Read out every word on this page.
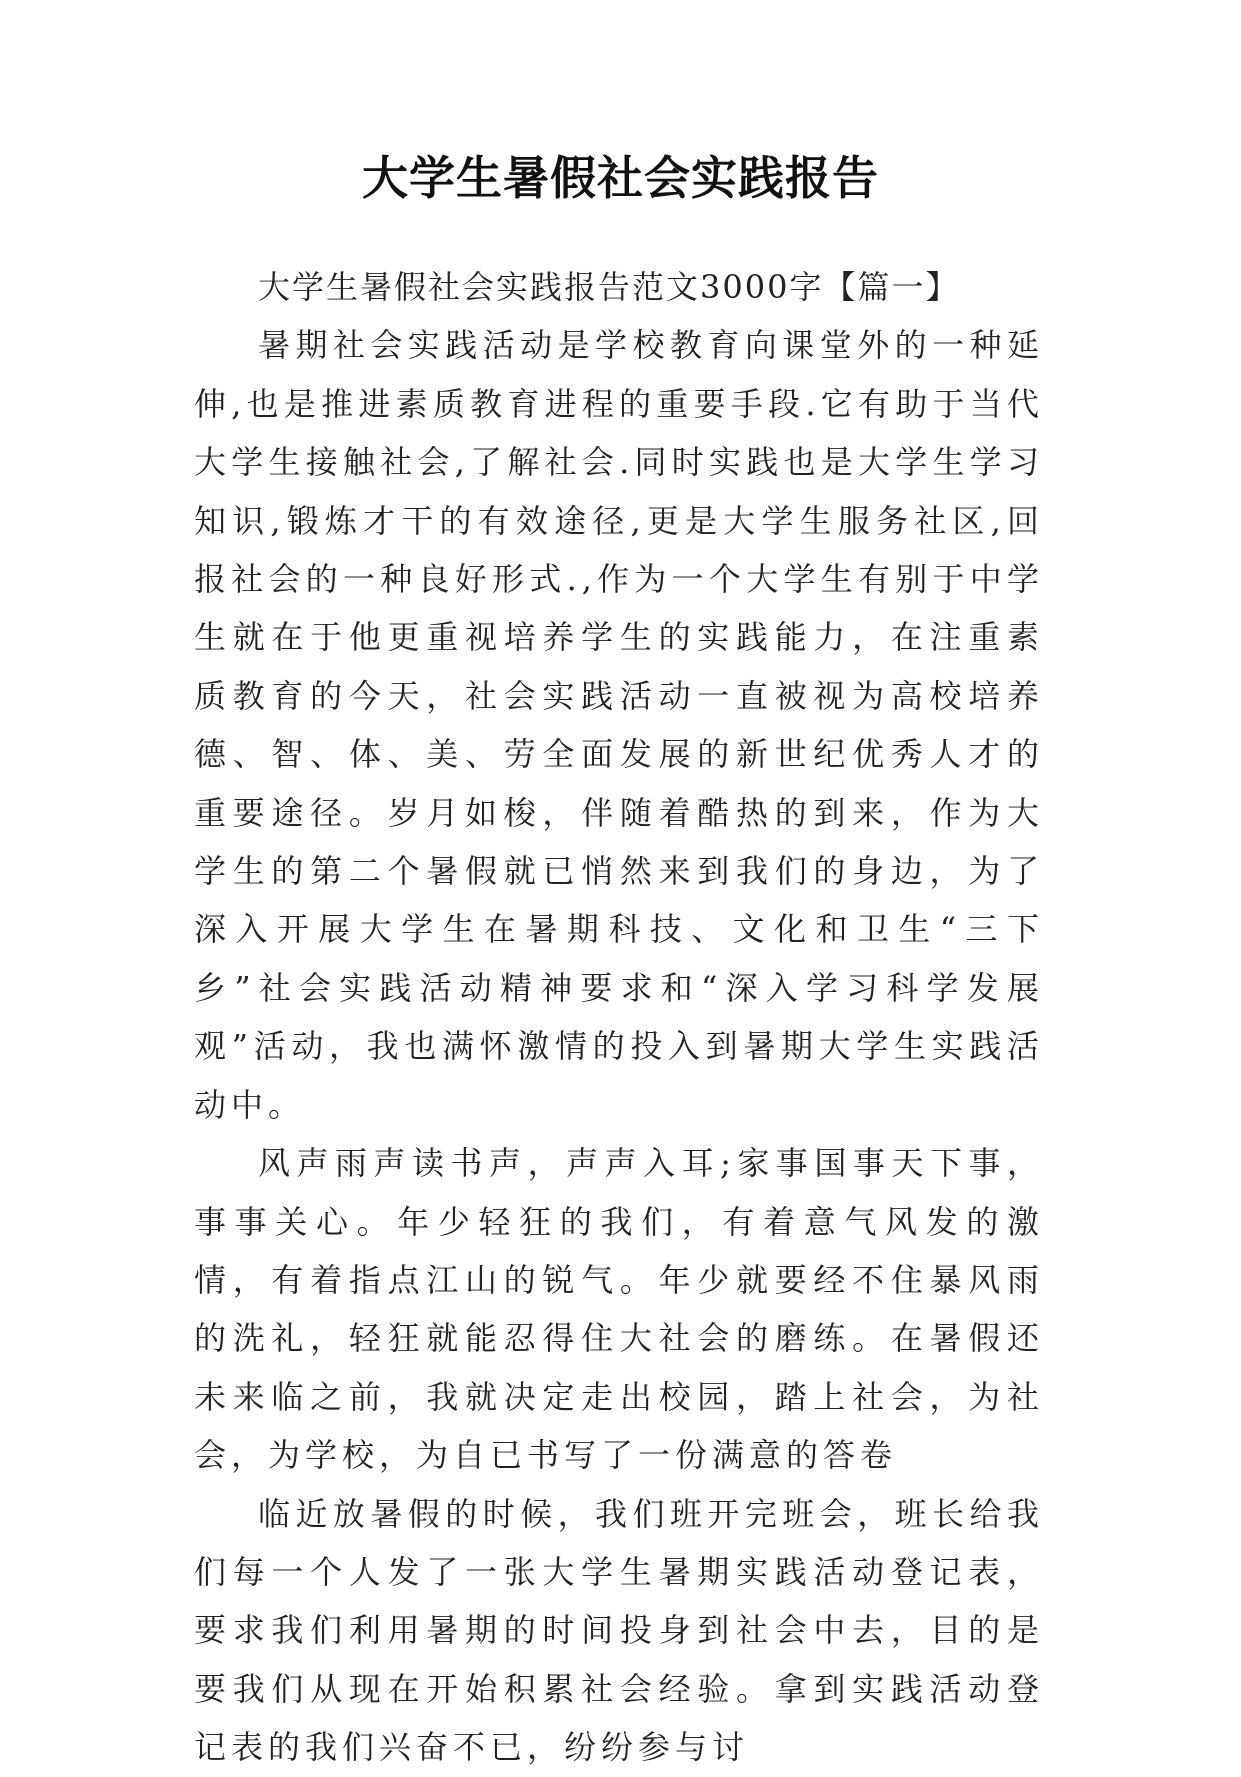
大学生暑假社会实践报告

大学生暑假社会实践报告范文3000字【篇一】

暑期社会实践活动是学校教育向课堂外的一种延伸,也是推进素质教育进程的重要手段.它有助于当代大学生接触社会,了解社会.同时实践也是大学生学习知识,锻炼才干的有效途径,更是大学生服务社区,回报社会的一种良好形式.,作为一个大学生有别于中学生就在于他更重视培养学生的实践能力，在注重素质教育的今天，社会实践活动一直被视为高校培养德、智、体、美、劳全面发展的新世纪优秀人才的重要途径。岁月如梭，伴随着酷热的到来，作为大学生的第二个暑假就已悄然来到我们的身边，为了深入开展大学生在暑期科技、文化和卫生“三下乡”社会实践活动精神要求和“深入学习科学发展观”活动，我也满怀激情的投入到暑期大学生实践活动中。

风声雨声读书声，声声入耳;家事国事天下事，事事关心。年少轻狂的我们，有着意气风发的激情，有着指点江山的锐气。年少就要经不住暴风雨的洗礼，轻狂就能忍得住大社会的磨练。在暑假还未来临之前，我就决定走出校园，踏上社会，为社会，为学校，为自已书写了一份满意的答卷

临近放暑假的时候，我们班开完班会，班长给我们每一个人发了一张大学生暑期实践活动登记表，要求我们利用暑期的时间投身到社会中去，目的是要我们从现在开始积累社会经验。拿到实践活动登记表的我们兴奋不已，纷纷参与讨
